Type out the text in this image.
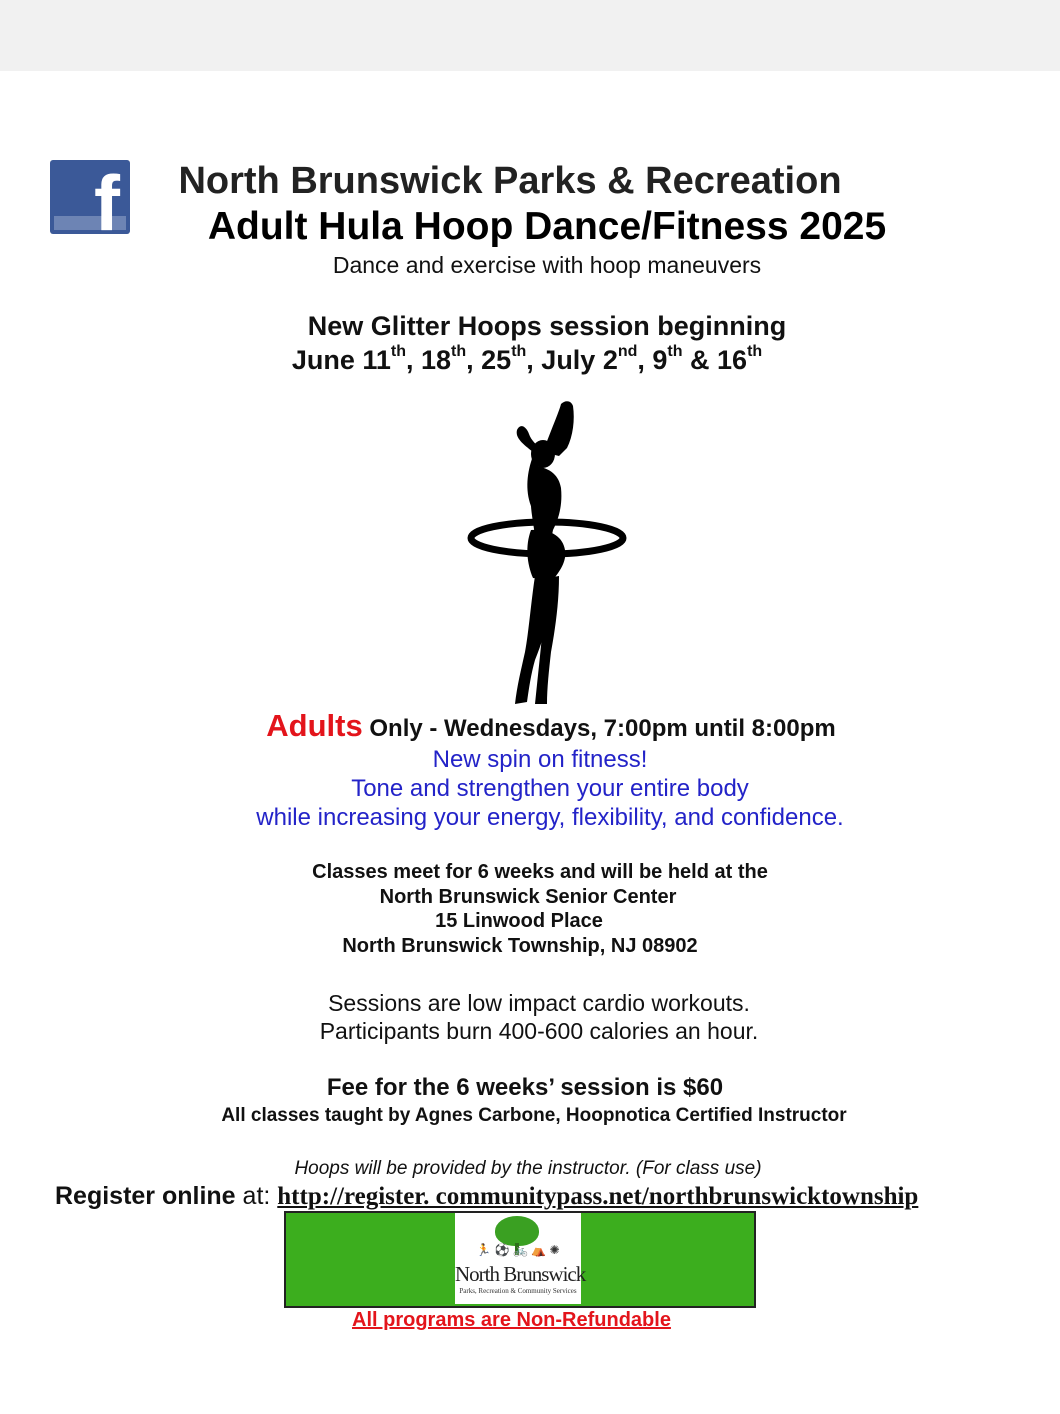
f	North Brunswick Parks & Recreation
Adult Hula Hoop Dance/Fitness 2025
Dance and exercise with hoop maneuvers
New Glitter Hoops session beginning
June 11th, 18th, 25th, July 2nd, 9th & 16th
Adults Only - Wednesdays, 7:00pm until 8:00pm
New spin on fitness!
Tone and strengthen your entire body
while increasing your energy, flexibility, and confidence.
Classes meet for 6 weeks and will be held at the
North Brunswick Senior Center
15 Linwood Place
North Brunswick Township, NJ 08902
Sessions are low impact cardio workouts.
Participants burn 400-600 calories an hour.
Fee for the 6 weeks’ session is $60
All classes taught by Agnes Carbone, Hoopnotica Certified Instructor
Hoops will be provided by the instructor. (For class use)
Register online at: http://register. communitypass.net/northbrunswicktownship
🏃 ⚽ 🚲 ⛺ ✺
North Brunswick
Parks, Recreation & Community Services
All programs are Non-Refundable
